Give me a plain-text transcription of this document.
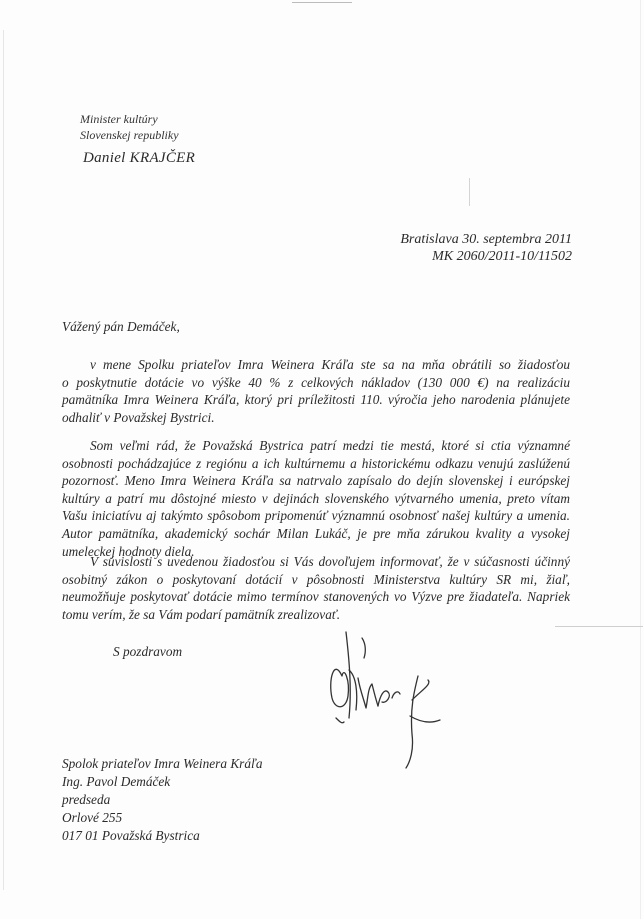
Minister kultúry
Slovenskej republiky
Daniel KRAJČER
Bratislava 30. septembra 2011
MK 2060/2011-10/11502
Vážený pán Demáček,
v mene Spolku priateľov Imra Weinera Kráľa ste sa na mňa obrátili so žiadosťou
o poskytnutie dotácie vo výške 40 % z celkových nákladov (130 000 €) na realizáciu
pamätníka Imra Weinera Kráľa, ktorý pri príležitosti 110. výročia jeho narodenia plánujete
odhaliť v Považskej Bystrici.
Som veľmi rád, že Považská Bystrica patrí medzi tie mestá, ktoré si ctia významné
osobnosti pochádzajúce z regiónu a ich kultúrnemu a historickému odkazu venujú zaslúženú
pozornosť. Meno Imra Weinera Kráľa sa natrvalo zapísalo do dejín slovenskej i európskej
kultúry a patrí mu dôstojné miesto v dejinách slovenského výtvarného umenia, preto vítam
Vašu iniciatívu aj takýmto spôsobom pripomenúť významnú osobnosť našej kultúry a umenia.
Autor pamätníka, akademický sochár Milan Lukáč, je pre mňa zárukou kvality a vysokej
umeleckej hodnoty diela.
V súvislosti s uvedenou žiadosťou si Vás dovoľujem informovať, že v súčasnosti účinný
osobitný zákon o poskytovaní dotácií v pôsobnosti Ministerstva kultúry SR mi, žiaľ,
neumožňuje poskytovať dotácie mimo termínov stanovených vo Výzve pre žiadateľa. Napriek
tomu verím, že sa Vám podarí pamätník zrealizovať.
S pozdravom
Spolok priateľov Imra Weinera Kráľa
Ing. Pavol Demáček
predseda
Orlové 255
017 01 Považská Bystrica
